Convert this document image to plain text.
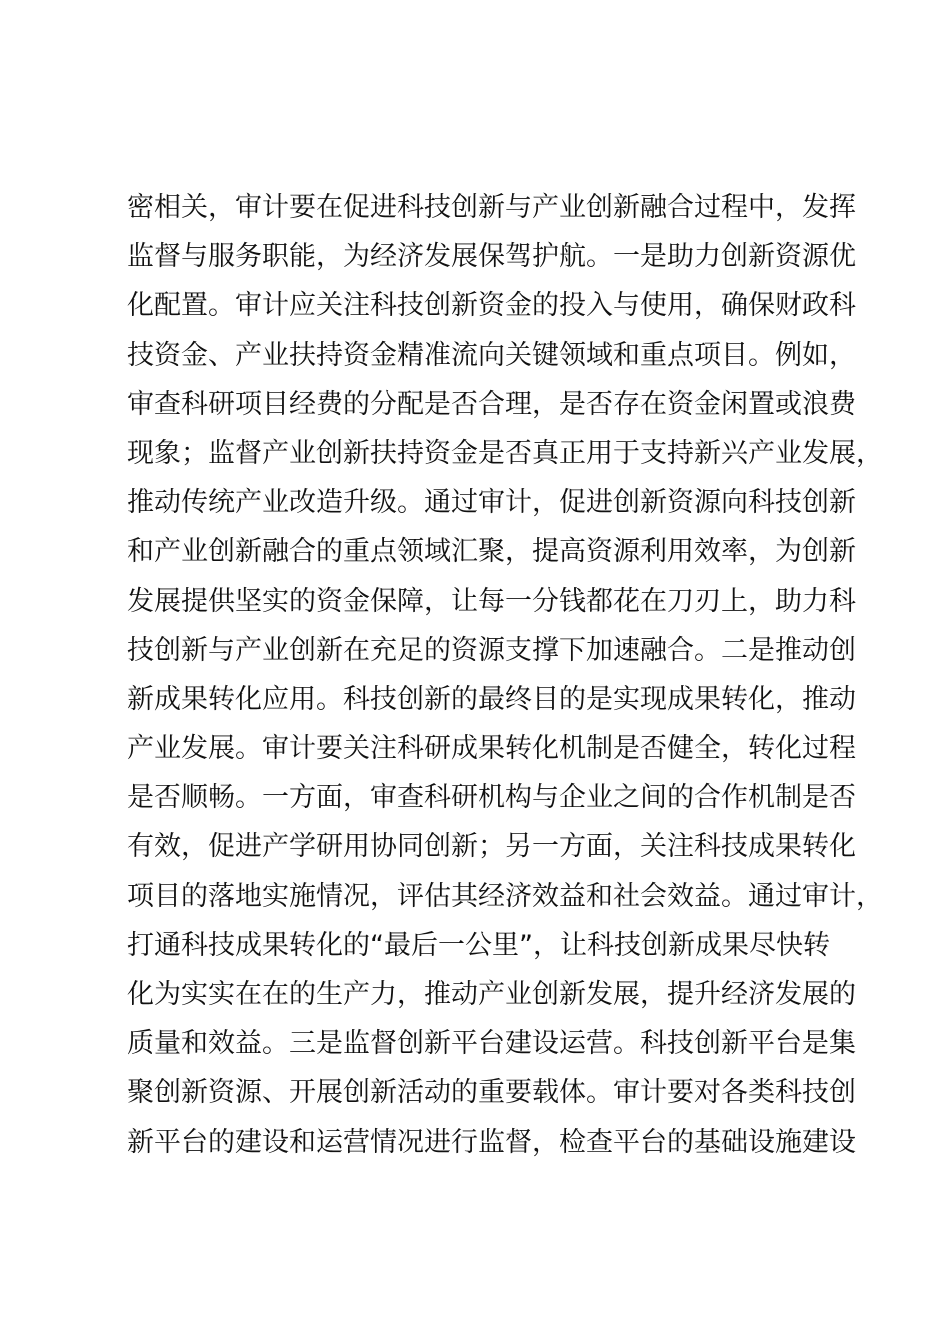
密相关，审计要在促进科技创新与产业创新融合过程中，发挥
监督与服务职能，为经济发展保驾护航。一是助力创新资源优
化配置。审计应关注科技创新资金的投入与使用，确保财政科
技资金、产业扶持资金精准流向关键领域和重点项目。例如，
审查科研项目经费的分配是否合理，是否存在资金闲置或浪费
现象；监督产业创新扶持资金是否真正用于支持新兴产业发展，
推动传统产业改造升级。通过审计，促进创新资源向科技创新
和产业创新融合的重点领域汇聚，提高资源利用效率，为创新
发展提供坚实的资金保障，让每一分钱都花在刀刃上，助力科
技创新与产业创新在充足的资源支撑下加速融合。二是推动创
新成果转化应用。科技创新的最终目的是实现成果转化，推动
产业发展。审计要关注科研成果转化机制是否健全，转化过程
是否顺畅。一方面，审查科研机构与企业之间的合作机制是否
有效，促进产学研用协同创新；另一方面，关注科技成果转化
项目的落地实施情况，评估其经济效益和社会效益。通过审计，
打通科技成果转化的“最后一公里”，让科技创新成果尽快转
化为实实在在的生产力，推动产业创新发展，提升经济发展的
质量和效益。三是监督创新平台建设运营。科技创新平台是集
聚创新资源、开展创新活动的重要载体。审计要对各类科技创
新平台的建设和运营情况进行监督，检查平台的基础设施建设
